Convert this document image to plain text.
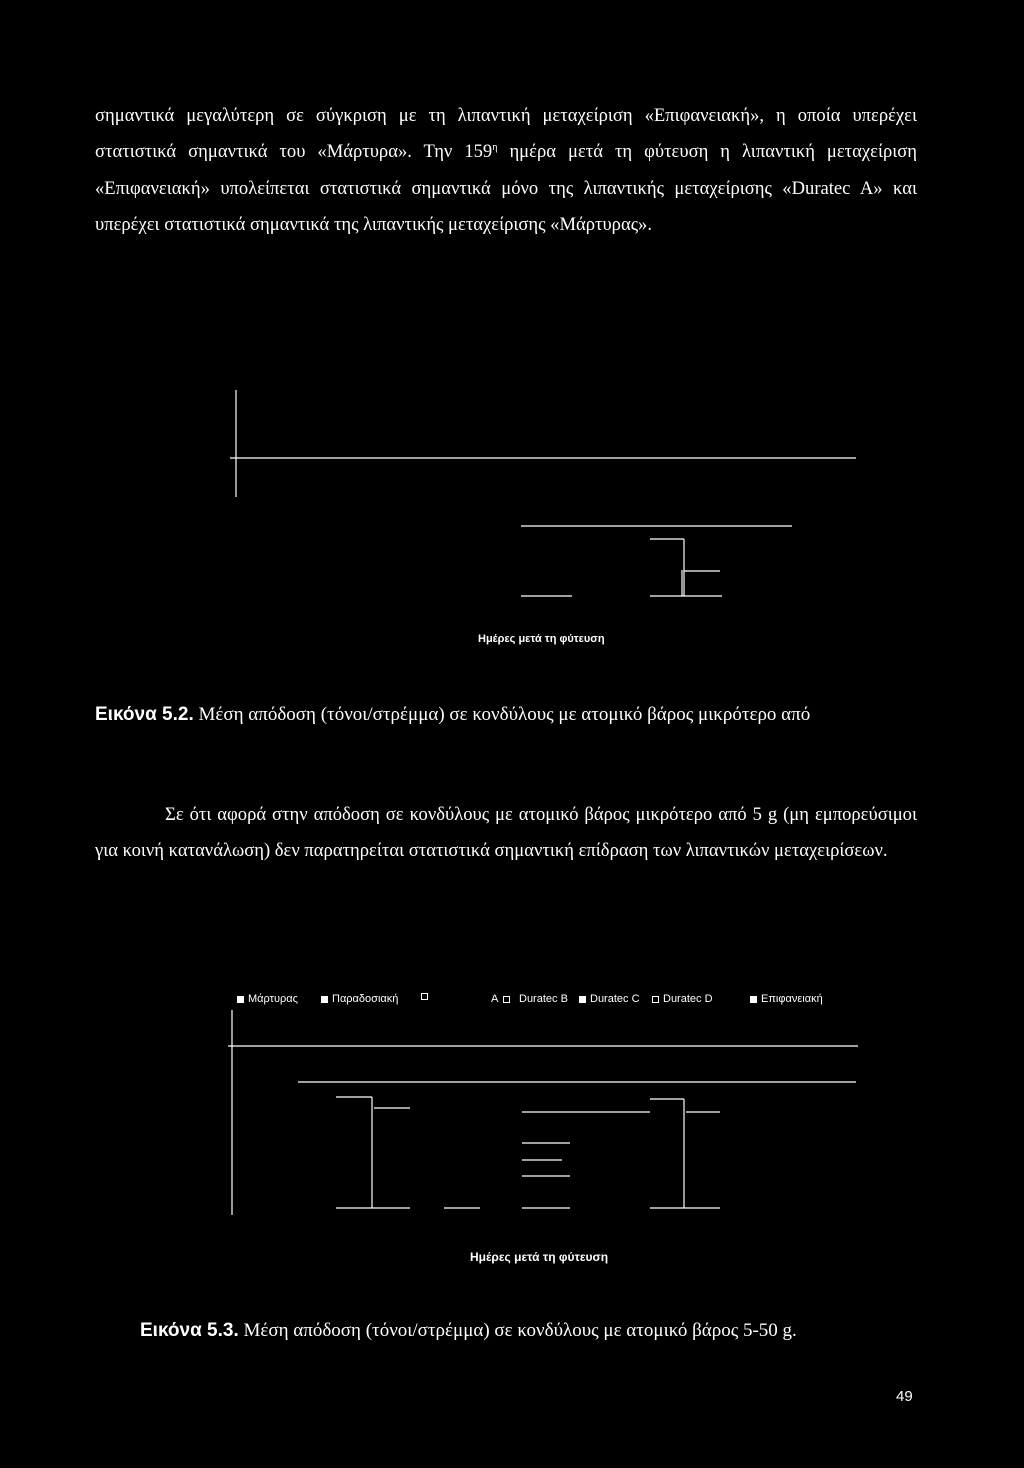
σημαντικά μεγαλύτερη σε σύγκριση με τη λιπαντική μεταχείριση «Επιφανειακή», η οποία υπερέχει στατιστικά σημαντικά του «Μάρτυρα». Την $159^\eta$ ημέρα μετά τη φύτευση η λιπαντική μεταχείριση «Επιφανειακή» υπολείπεται στατιστικά σημαντικά μόνο της λιπαντικής μεταχείρισης «Duratec A» και υπερέχει στατιστικά σημαντικά της λιπαντικής μεταχείρισης «Μάρτυρας».

Ημέρες μετά τη φύτευση

Εικόνα 5.2. Μέση απόδοση (τόνοι/στρέμμα) σε κονδύλους με ατομικό βάρος μικρότερο από

Σε ότι αφορά στην απόδοση σε κονδύλους με ατομικό βάρος μικρότερο από 5 g (μη εμπορεύσιμοι για κοινή κατανάλωση) δεν παρατηρείται στατιστικά σημαντική επίδραση των λιπαντικών μεταχειρίσεων.

Μάρτυρας	Παραδοσιακή	A Duratec B Duratec C Duratec D	Επιφανειακή
Ημέρες μετά τη φύτευση

Εικόνα 5.3. Μέση απόδοση (τόνοι/στρέμμα) σε κονδύλους με ατομικό βάρος 5-50 g.

49
